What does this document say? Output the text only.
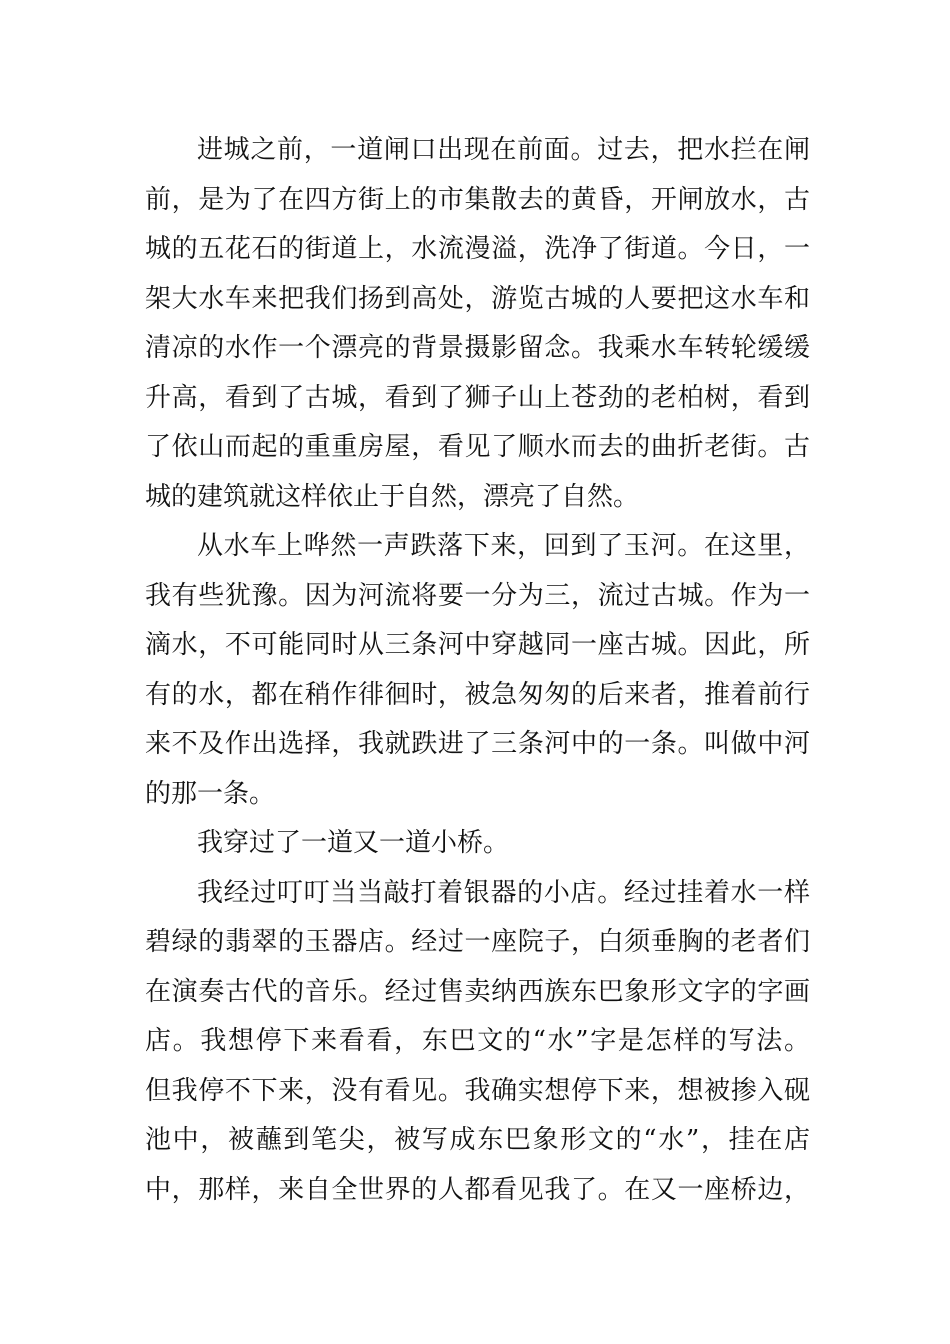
进城之前，一道闸口出现在前面。过去，把水拦在闸
前，是为了在四方街上的市集散去的黄昏，开闸放水，古
城的五花石的街道上，水流漫溢，洗净了街道。今日，一
架大水车来把我们扬到高处，游览古城的人要把这水车和
清凉的水作一个漂亮的背景摄影留念。我乘水车转轮缓缓
升高，看到了古城，看到了狮子山上苍劲的老柏树，看到
了依山而起的重重房屋，看见了顺水而去的曲折老街。古
城的建筑就这样依止于自然，漂亮了自然。
从水车上哗然一声跌落下来，回到了玉河。在这里，
我有些犹豫。因为河流将要一分为三，流过古城。作为一
滴水，不可能同时从三条河中穿越同一座古城。因此，所
有的水，都在稍作徘徊时，被急匆匆的后来者，推着前行
来不及作出选择，我就跌进了三条河中的一条。叫做中河
的那一条。
我穿过了一道又一道小桥。
我经过叮叮当当敲打着银器的小店。经过挂着水一样
碧绿的翡翠的玉器店。经过一座院子，白须垂胸的老者们
在演奏古代的音乐。经过售卖纳西族东巴象形文字的字画
店。我想停下来看看，东巴文的“水”字是怎样的写法。
但我停不下来，没有看见。我确实想停下来，想被掺入砚
池中，被蘸到笔尖，被写成东巴象形文的“水”，挂在店
中，那样，来自全世界的人都看见我了。在又一座桥边，
